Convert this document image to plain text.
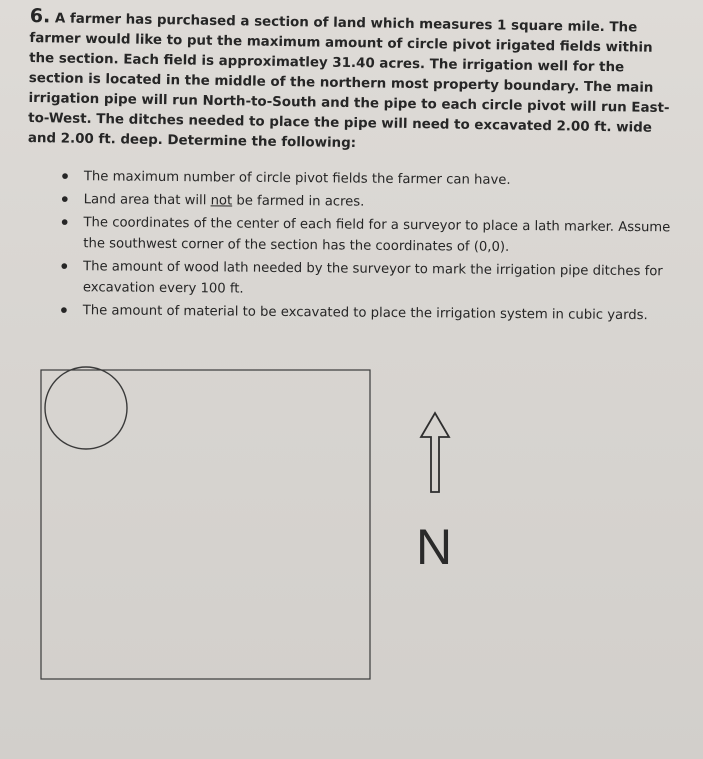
6. A farmer has purchased a section of land which measures 1 square mile. The farmer would like to put the maximum amount of circle pivot irigated fields within the section. Each field is approximatley 31.40 acres. The irrigation well for the section is located in the middle of the northern most property boundary. The main irrigation pipe will run North-to-South and the pipe to each circle pivot will run East-to-West. The ditches needed to place the pipe will need to excavated 2.00 ft. wide and 2.00 ft. deep. Determine the following:
• The maximum number of circle pivot fields the farmer can have.
• Land area that will not be farmed in acres.
• The coordinates of the center of each field for a surveyor to place a lath marker. Assume the southwest corner of the section has the coordinates of (0,0).
• The amount of wood lath needed by the surveyor to mark the irrigation pipe ditches for excavation every 100 ft.
• The amount of material to be excavated to place the irrigation system in cubic yards.
N
